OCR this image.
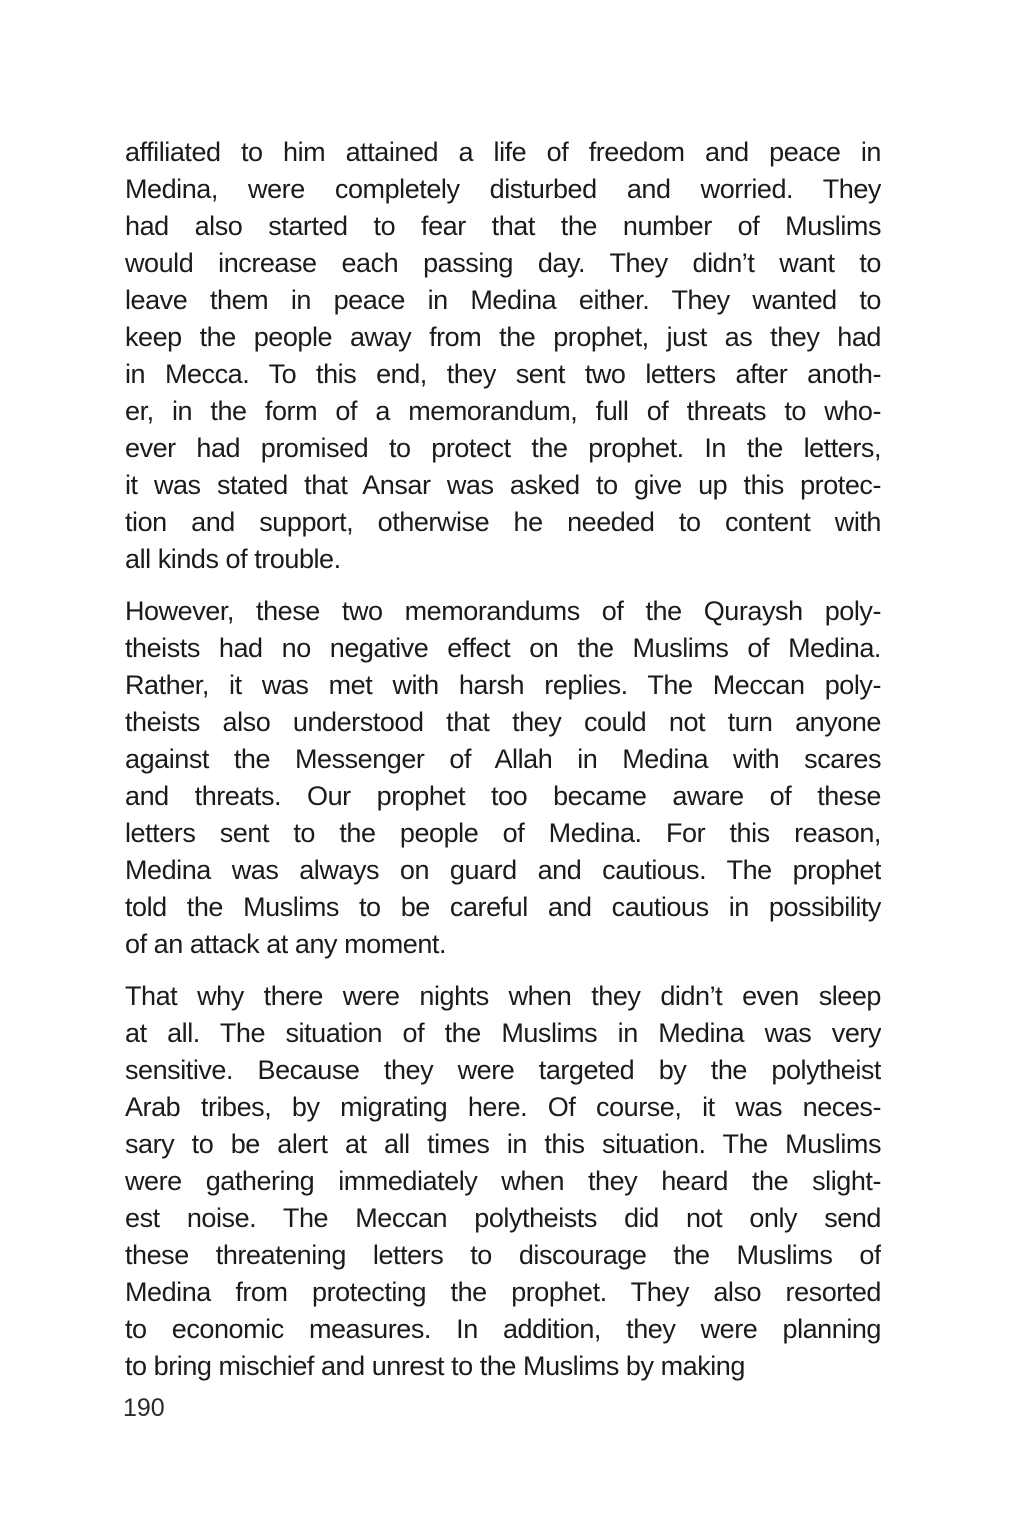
affiliated to him attained a life of freedom and peace in
Medina, were completely disturbed and worried. They
had also started to fear that the number of Muslims
would increase each passing day. They didn’t want to
leave them in peace in Medina either. They wanted to
keep the people away from the prophet, just as they had
in Mecca. To this end, they sent two letters after anoth-
er, in the form of a memorandum, full of threats to who-
ever had promised to protect the prophet. In the letters,
it was stated that Ansar was asked to give up this protec-
tion and support, otherwise he needed to content with
all kinds of trouble.
However, these two memorandums of the Quraysh poly-
theists had no negative effect on the Muslims of Medina.
Rather, it was met with harsh replies. The Meccan poly-
theists also understood that they could not turn anyone
against the Messenger of Allah in Medina with scares
and threats. Our prophet too became aware of these
letters sent to the people of Medina. For this reason,
Medina was always on guard and cautious. The prophet
told the Muslims to be careful and cautious in possibility
of an attack at any moment.
That why there were nights when they didn’t even sleep
at all. The situation of the Muslims in Medina was very
sensitive. Because they were targeted by the polytheist
Arab tribes, by migrating here. Of course, it was neces-
sary to be alert at all times in this situation. The Muslims
were gathering immediately when they heard the slight-
est noise. The Meccan polytheists did not only send
these threatening letters to discourage the Muslims of
Medina from protecting the prophet. They also resorted
to economic measures. In addition, they were planning
to bring mischief and unrest to the Muslims by making
190
